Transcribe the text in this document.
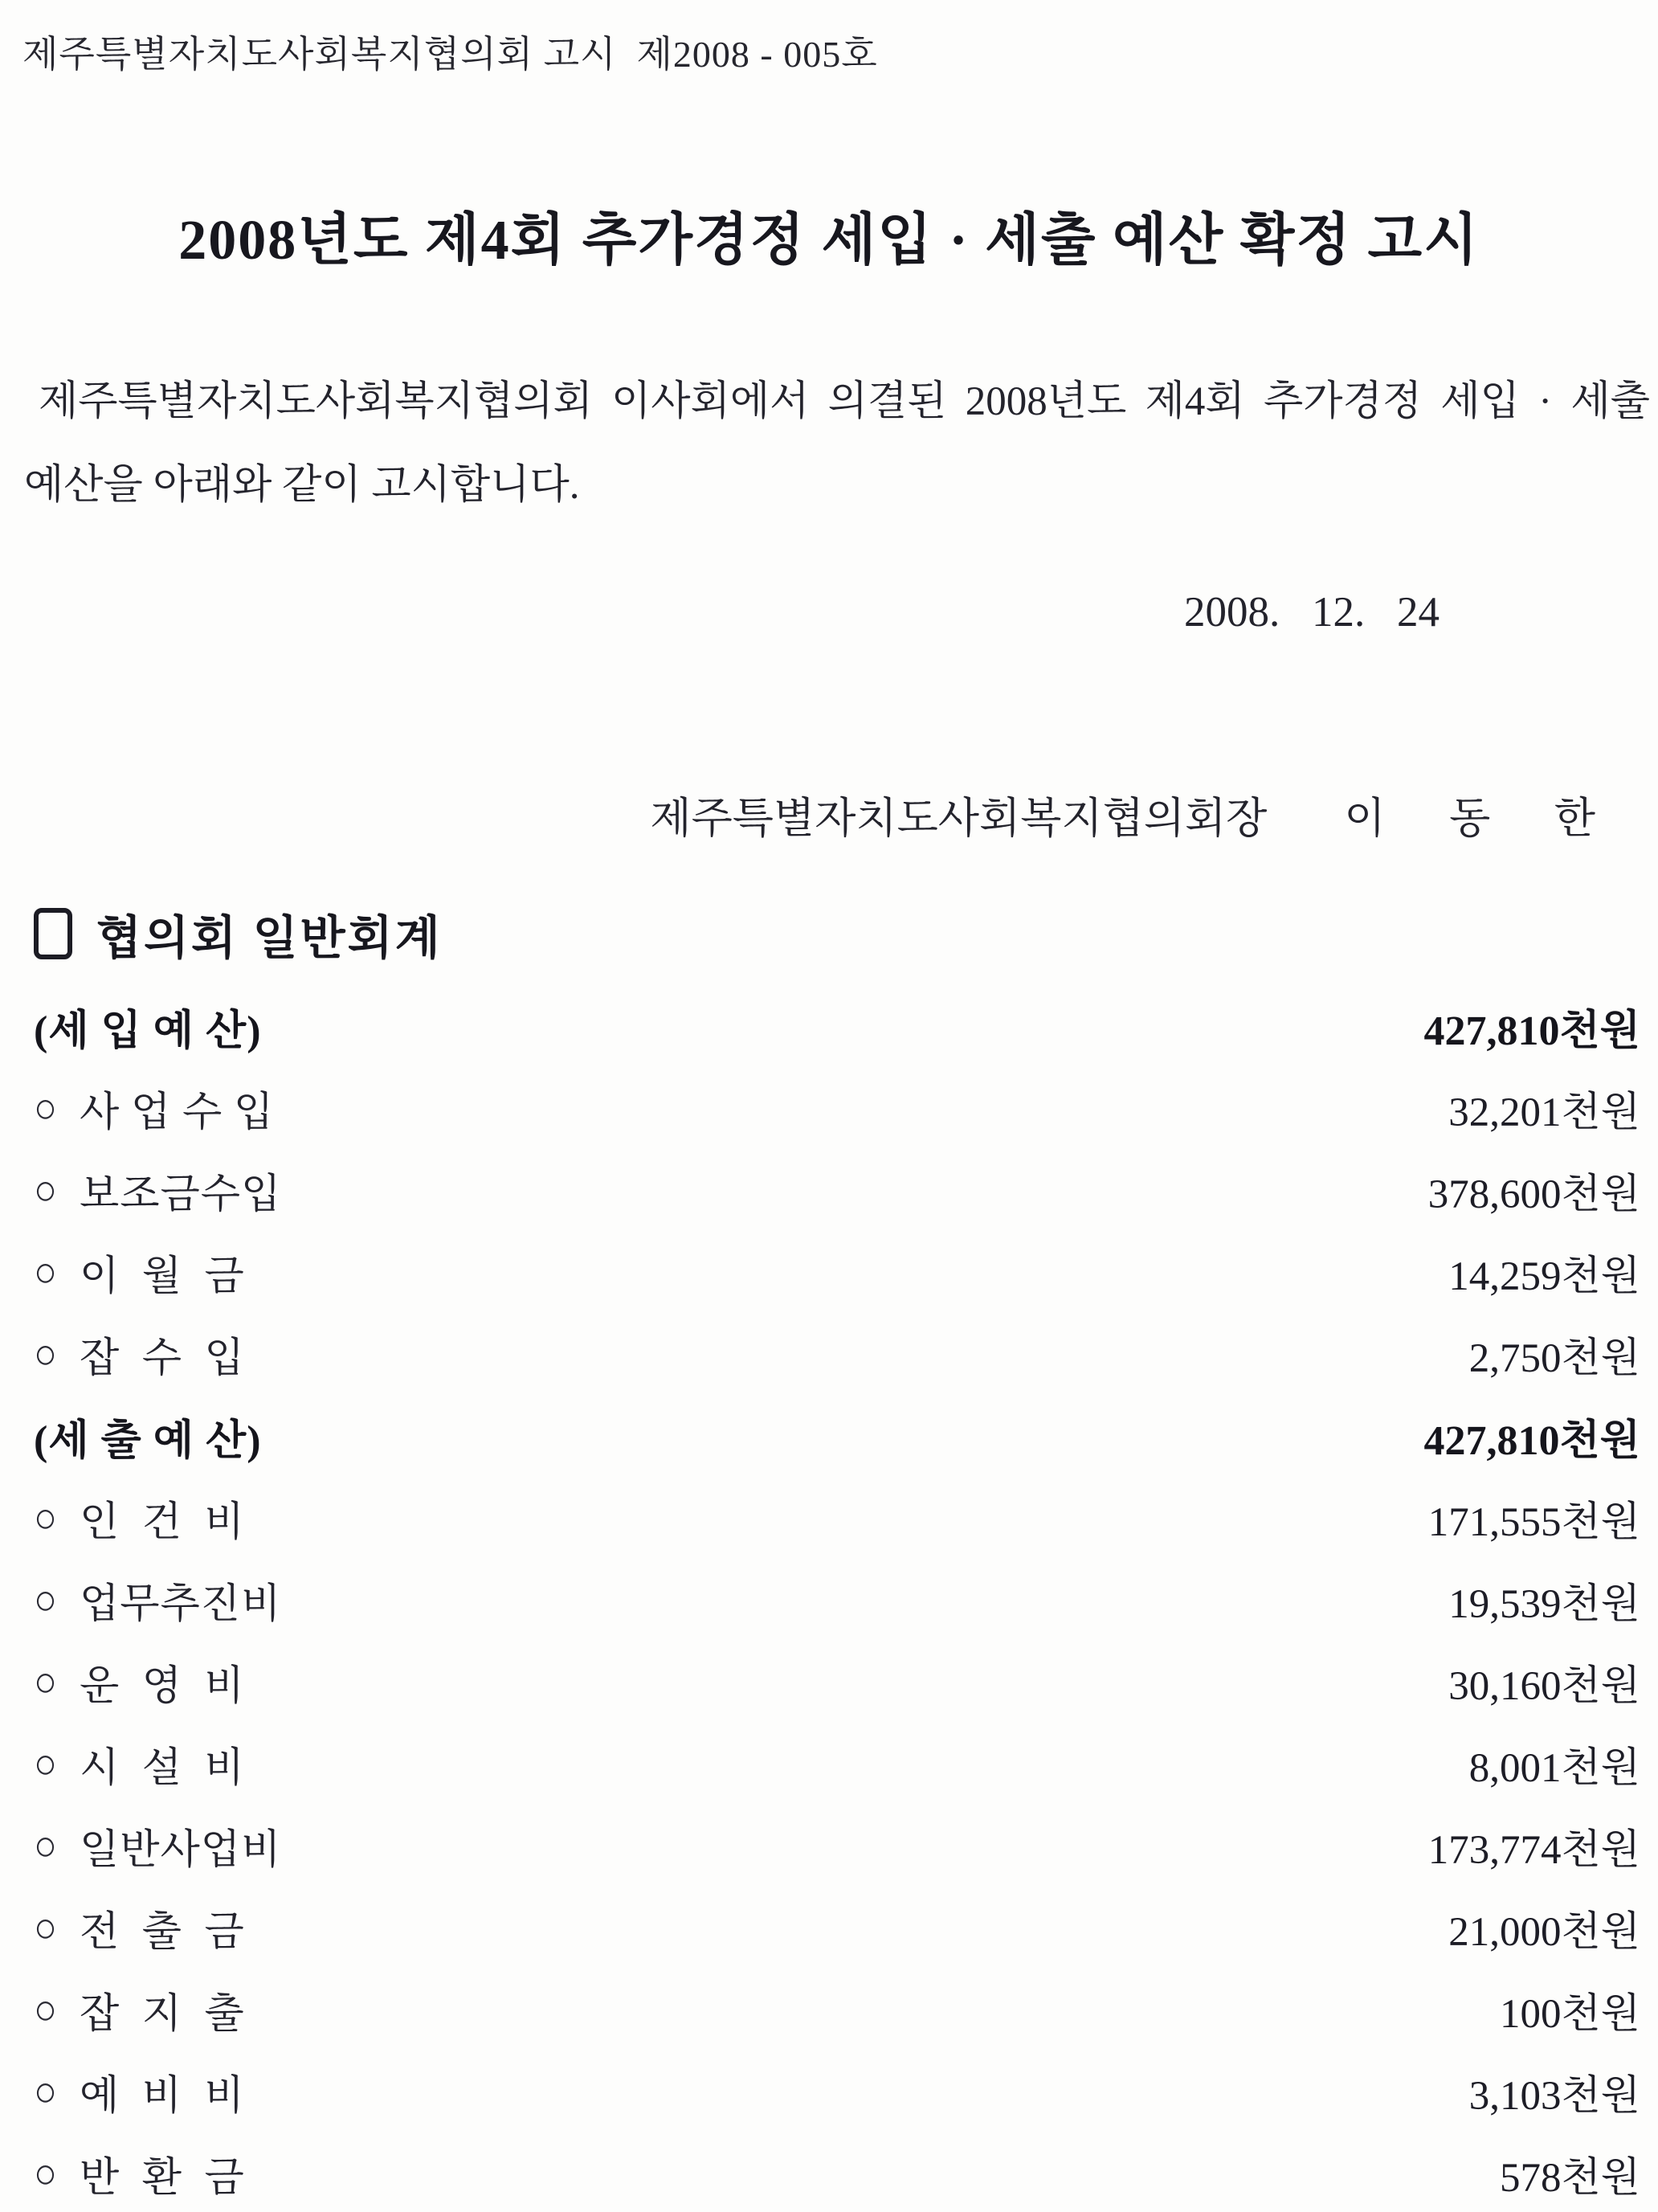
제주특별자치도사회복지협의회 고시  제2008 - 005호
2008년도 제4회 추가경정 세입 · 세출 예산 확정 고시
제주특별자치도사회복지협의회 이사회에서 의결된 2008년도 제4회 추가경정 세입 · 세출
예산을 아래와 같이 고시합니다.
2008.   12.   24

제주특별자치도사회복지협의회장 이      동      한

협의회 일반회계
(세 입 예 산)	427,810천원
○ 사 업 수 입	32,201천원
○ 보조금수입	378,600천원
○ 이  월  금	14,259천원
○ 잡  수  입	2,750천원
(세 출 예 산)	427,810천원
○ 인  건  비	171,555천원
○ 업무추진비	19,539천원
○ 운  영  비	30,160천원
○ 시  설  비	8,001천원
○ 일반사업비	173,774천원
○ 전  출  금	21,000천원
○ 잡  지  출	100천원
○ 예  비  비	3,103천원
○ 반  환  금	578천원
